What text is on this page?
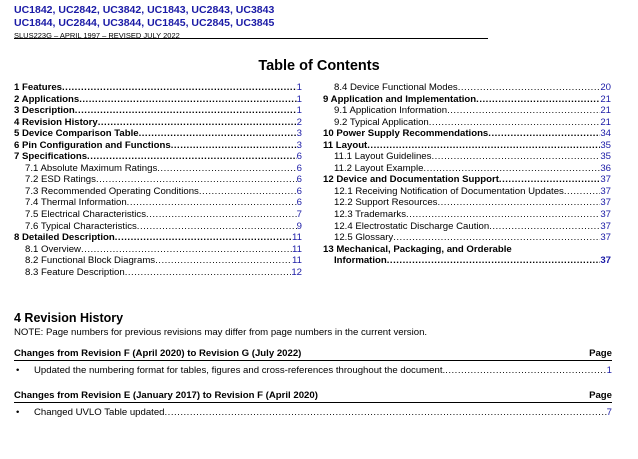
UC1842, UC2842, UC3842, UC1843, UC2843, UC3843
UC1844, UC2844, UC3844, UC1845, UC2845, UC3845
SLUS223G – APRIL 1997 – REVISED JULY 2022
Table of Contents
1 Features .....	1
2 Applications .....	1
3 Description .....	1
4 Revision History .....	2
5 Device Comparison Table .....	3
6 Pin Configuration and Functions .....	3
7 Specifications .....	6
7.1 Absolute Maximum Ratings .....	6
7.2 ESD Ratings .....	6
7.3 Recommended Operating Conditions .....	6
7.4 Thermal Information .....	6
7.5 Electrical Characteristics .....	7
7.6 Typical Characteristics .....	9
8 Detailed Description .....	11
8.1 Overview .....	11
8.2 Functional Block Diagrams .....	11
8.3 Feature Description .....	12
8.4 Device Functional Modes .....	20
9 Application and Implementation .....	21
9.1 Application Information .....	21
9.2 Typical Application .....	21
10 Power Supply Recommendations .....	34
11 Layout .....	35
11.1 Layout Guidelines .....	35
11.2 Layout Example .....	36
12 Device and Documentation Support .....	37
12.1 Receiving Notification of Documentation Updates .....	37
12.2 Support Resources .....	37
12.3 Trademarks .....	37
12.4 Electrostatic Discharge Caution .....	37
12.5 Glossary .....	37
13 Mechanical, Packaging, and Orderable
Information .....	37
4 Revision History
NOTE: Page numbers for previous revisions may differ from page numbers in the current version.
Changes from Revision F (April 2020) to Revision G (July 2022)	Page
•	Updated the numbering format for tables, figures and cross-references throughout the document. .....	1
Changes from Revision E (January 2017) to Revision F (April 2020)	Page
•	Changed UVLO Table updated .....	7
